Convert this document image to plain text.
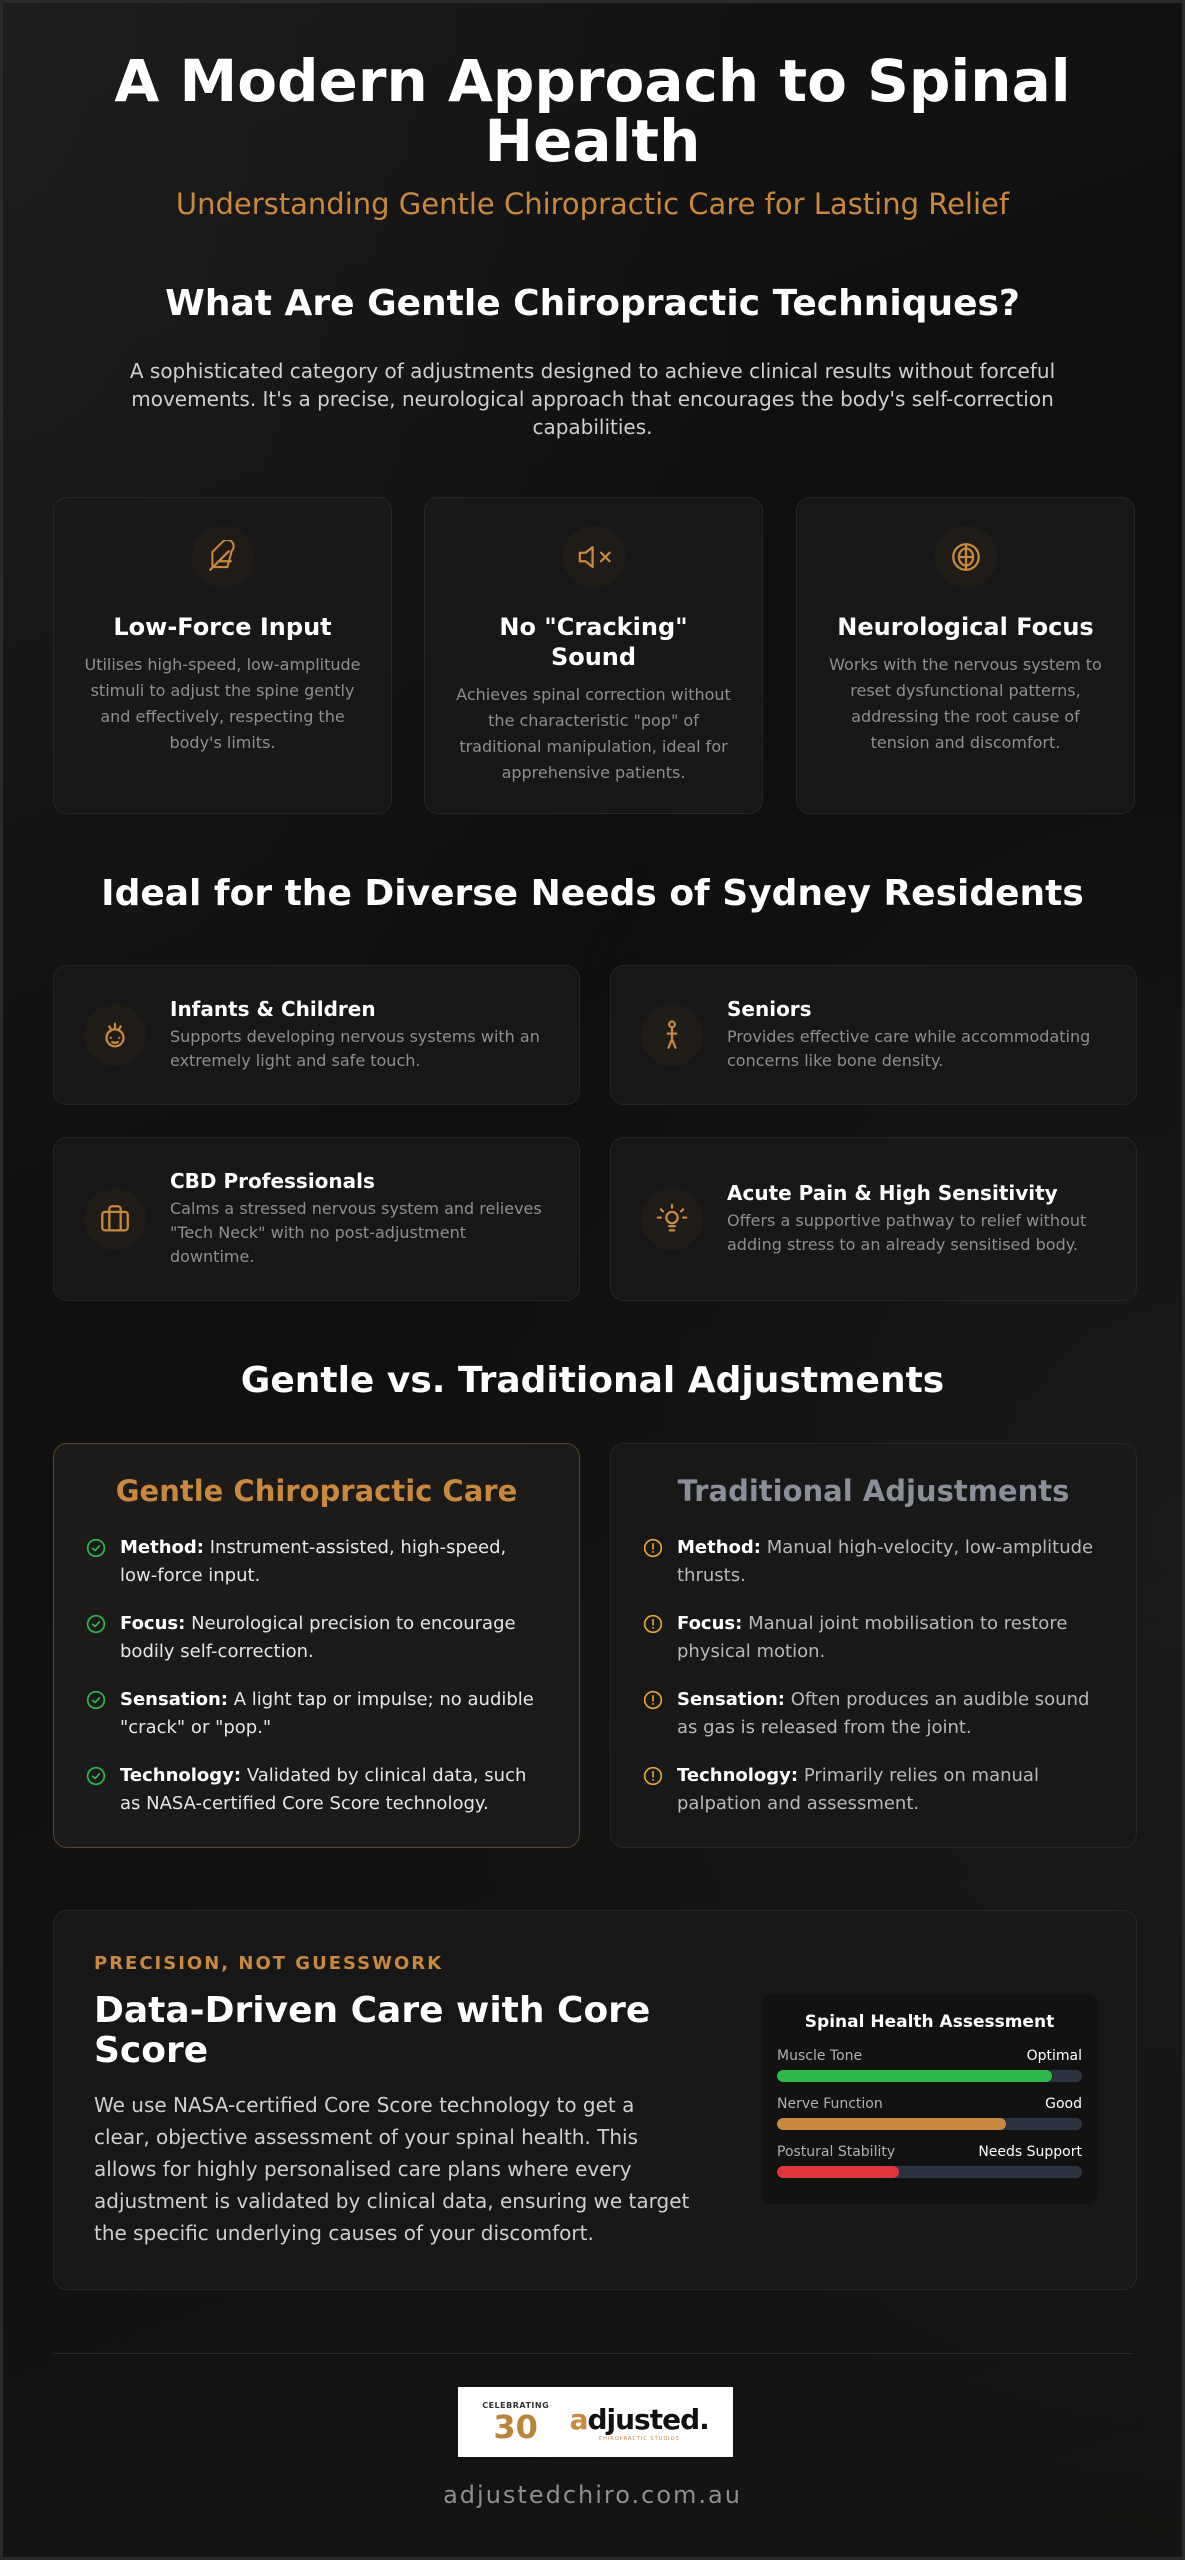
A Modern Approach to Spinal Health
Understanding Gentle Chiropractic Care for Lasting Relief
What Are Gentle Chiropractic Techniques?

A sophisticated category of adjustments designed to achieve clinical results without forceful movements. It's a precise, neurological approach that encourages the body's self-correction capabilities.

Low-Force Input

Utilises high-speed, low-amplitude stimuli to adjust the spine gently and effectively, respecting the body's limits.

No "Cracking" Sound

Achieves spinal correction without the characteristic "pop" of traditional manipulation, ideal for apprehensive patients.

Neurological Focus

Works with the nervous system to reset dysfunctional patterns, addressing the root cause of tension and discomfort.

Ideal for the Diverse Needs of Sydney Residents
Infants & Children

Supports developing nervous systems with an extremely light and safe touch.

Seniors

Provides effective care while accommodating concerns like bone density.

CBD Professionals

Calms a stressed nervous system and relieves "Tech Neck" with no post-adjustment downtime.

Acute Pain & High Sensitivity

Offers a supportive pathway to relief without adding stress to an already sensitised body.

Gentle vs. Traditional Adjustments
Gentle Chiropractic Care
Method: Instrument-assisted, high-speed, low-force input.
Focus: Neurological precision to encourage bodily self-correction.
Sensation: A light tap or impulse; no audible "crack" or "pop."
Technology: Validated by clinical data, such as NASA-certified Core Score technology.
Traditional Adjustments
Method: Manual high-velocity, low-amplitude thrusts.
Focus: Manual joint mobilisation to restore physical motion.
Sensation: Often produces an audible sound as gas is released from the joint.
Technology: Primarily relies on manual palpation and assessment.
PRECISION, NOT GUESSWORK
Data-Driven Care with Core Score

We use NASA-certified Core Score technology to get a clear, objective assessment of your spinal health. This allows for highly personalised care plans where every adjustment is validated by clinical data, ensuring we target the specific underlying causes of your discomfort.

Spinal Health Assessment
Muscle Tone	Optimal
Nerve Function	Good
Postural Stability	Needs Support
CELEBRATING
30 adjusted.
CHIROPRACTIC STUDIOS
adjustedchiro.com.au
